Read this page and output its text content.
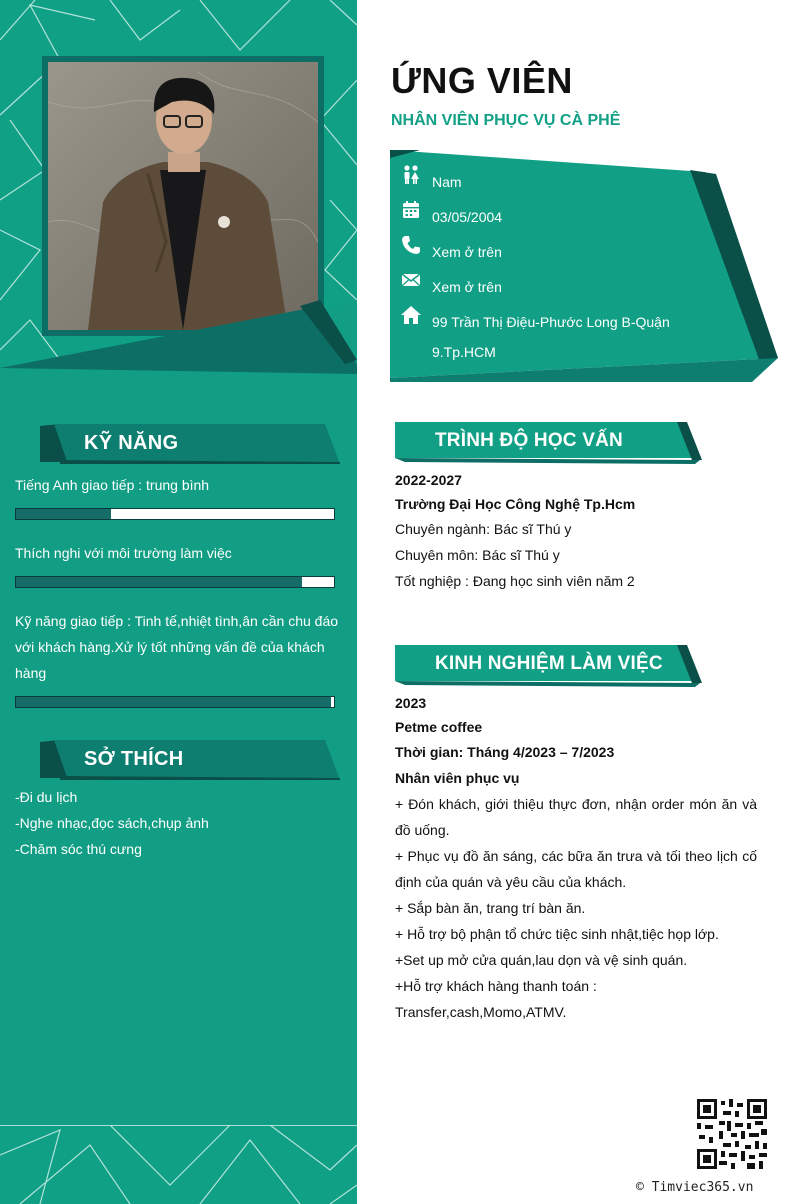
KỸ NĂNG
Tiếng Anh giao tiếp : trung bình
Thích nghi với môi trường làm việc
Kỹ năng giao tiếp : Tinh tế,nhiệt tình,ân cần chu đáo với khách hàng.Xử lý tốt những vấn đề của khách hàng
SỞ THÍCH
-Đi du lịch
-Nghe nhạc,đọc sách,chụp ảnh
-Chăm sóc thú cưng
ỨNG VIÊN
NHÂN VIÊN PHỤC VỤ CÀ PHÊ
Nam
03/05/2004
Xem ở trên
Xem ở trên
99 Trần Thị Điệu-Phước Long B-Quận
9.Tp.HCM
TRÌNH ĐỘ HỌC VẤN
2022-2027
Trường Đại Học Công Nghệ Tp.Hcm
Chuyên ngành: Bác sĩ Thú y
Chuyên môn: Bác sĩ Thú y
Tốt nghiệp : Đang học sinh viên năm 2
KINH NGHIỆM LÀM VIỆC
2023
Petme coffee
Thời gian: Tháng 4/2023 – 7/2023
Nhân viên phục vụ
+ Đón khách, giới thiệu thực đơn, nhận order món ăn và đồ uống.
+ Phục vụ đồ ăn sáng, các bữa ăn trưa và tối theo lịch cố định của quán và yêu cầu của khách.
+ Sắp bàn ăn, trang trí bàn ăn.
+ Hỗ trợ bộ phận tổ chức tiệc sinh nhật,tiệc họp lớp.
+Set up mở cửa quán,lau dọn và vệ sinh quán.
+Hỗ trợ khách hàng thanh toán :
Transfer,cash,Momo,ATMV.
© Timviec365.vn
